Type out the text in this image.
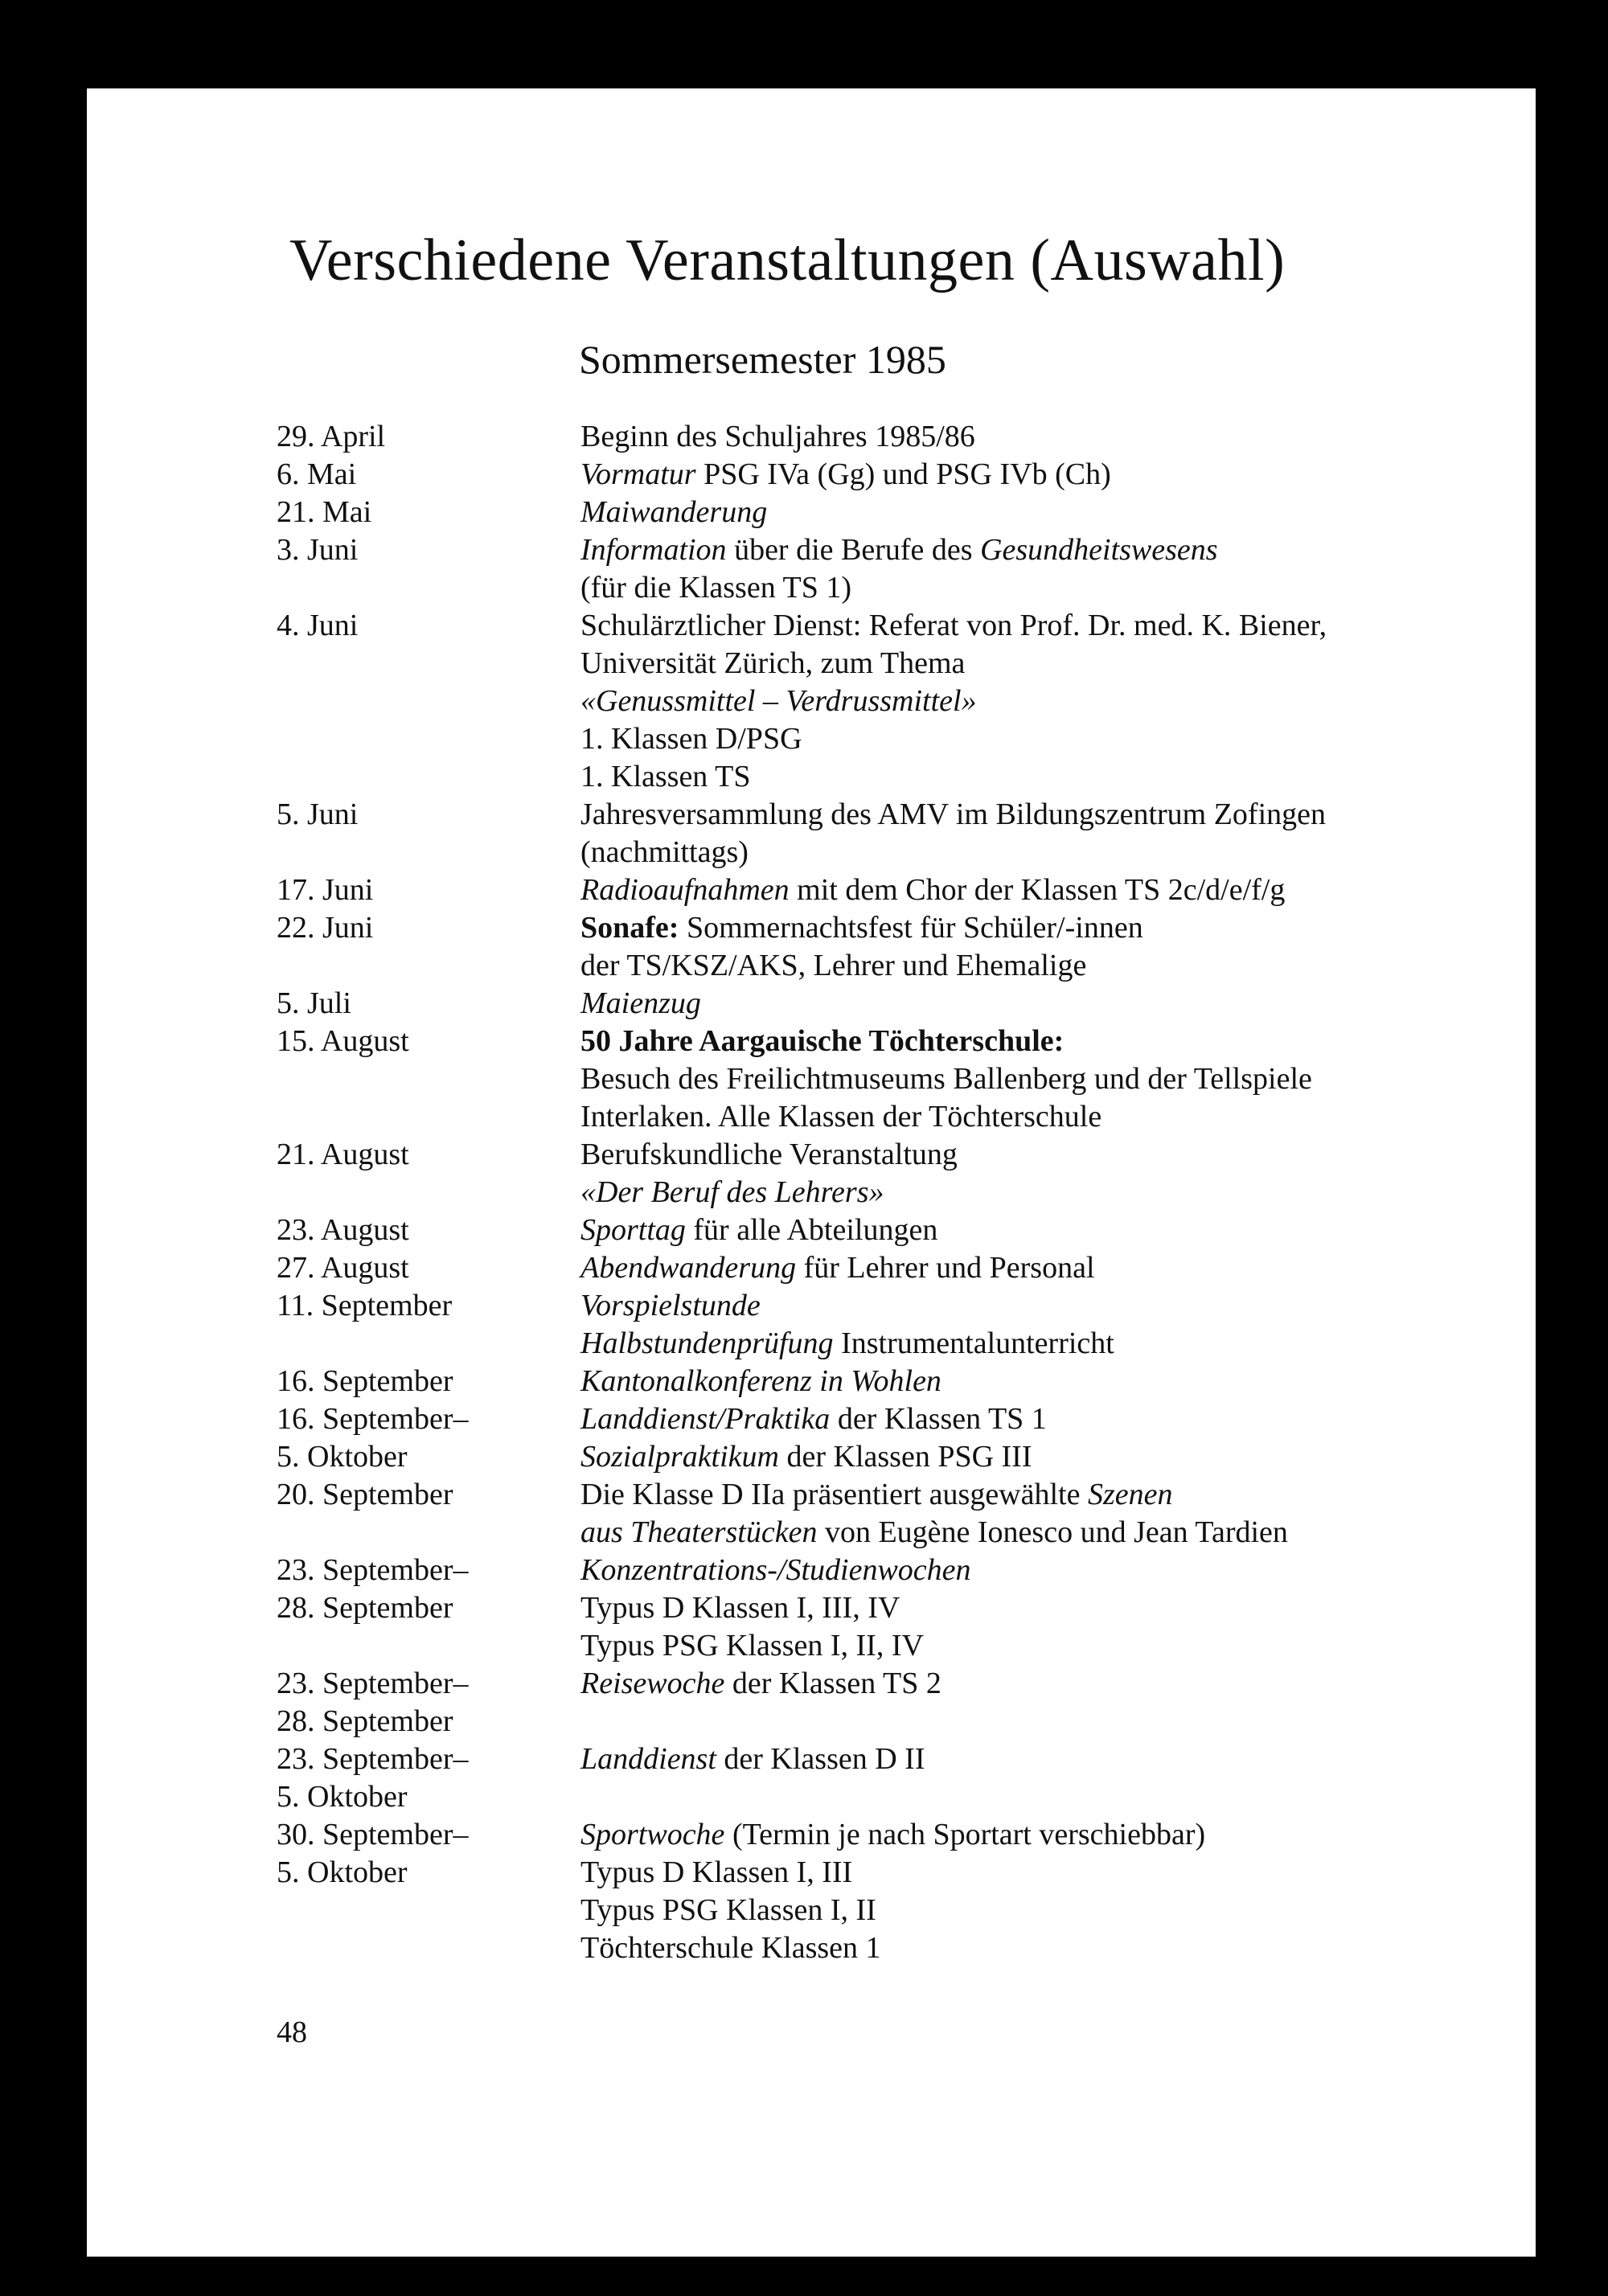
Verschiedene Veranstaltungen (Auswahl)
Sommersemester 1985
29. April	Beginn des Schuljahres 1985/86
6. Mai	Vormatur PSG IVa (Gg) und PSG IVb (Ch)
21. Mai	Maiwanderung
3. Juni	Information über die Berufe des Gesundheitswesens
(für die Klassen TS 1)
4. Juni	Schulärztlicher Dienst: Referat von Prof. Dr. med. K. Biener,
Universität Zürich, zum Thema
«Genussmittel – Verdrussmittel»
1. Klassen D/PSG
1. Klassen TS
5. Juni	Jahresversammlung des AMV im Bildungszentrum Zofingen
(nachmittags)
17. Juni	Radioaufnahmen mit dem Chor der Klassen TS 2c/d/e/f/g
22. Juni	Sonafe: Sommernachtsfest für Schüler/-innen
der TS/KSZ/AKS, Lehrer und Ehemalige
5. Juli	Maienzug
15. August	50 Jahre Aargauische Töchterschule:
Besuch des Freilichtmuseums Ballenberg und der Tellspiele
Interlaken. Alle Klassen der Töchterschule
21. August	Berufskundliche Veranstaltung
«Der Beruf des Lehrers»
23. August	Sporttag für alle Abteilungen
27. August	Abendwanderung für Lehrer und Personal
11. September	Vorspielstunde
Halbstundenprüfung Instrumentalunterricht
16. September	Kantonalkonferenz in Wohlen
16. September–	Landdienst/Praktika der Klassen TS 1
5. Oktober	Sozialpraktikum der Klassen PSG III
20. September	Die Klasse D IIa präsentiert ausgewählte Szenen
aus Theaterstücken von Eugène Ionesco und Jean Tardien
23. September–	Konzentrations-/Studienwochen
28. September	Typus D Klassen I, III, IV
Typus PSG Klassen I, II, IV
23. September–	Reisewoche der Klassen TS 2
28. September
23. September–	Landdienst der Klassen D II
5. Oktober
30. September–	Sportwoche (Termin je nach Sportart verschiebbar)
5. Oktober	Typus D Klassen I, III
Typus PSG Klassen I, II
Töchterschule Klassen 1

48
